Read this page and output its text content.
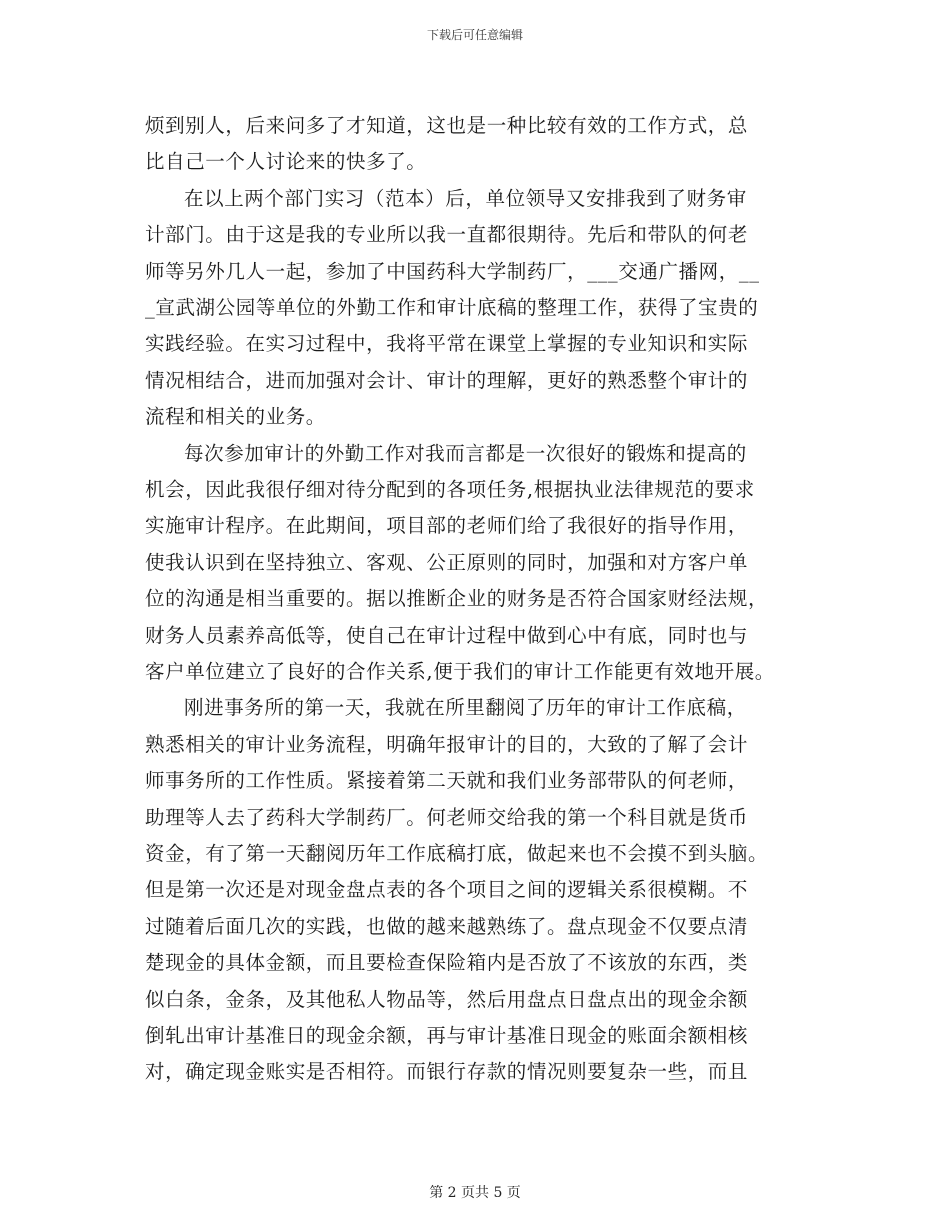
下载后可任意编辑
烦到别人，后来问多了才知道，这也是一种比较有效的工作方式，总
比自己一个人讨论来的快多了。
在以上两个部门实习（范本）后，单位领导又安排我到了财务审
计部门。由于这是我的专业所以我一直都很期待。先后和带队的何老
师等另外几人一起，参加了中国药科大学制药厂，___交通广播网，__
_宣武湖公园等单位的外勤工作和审计底稿的整理工作，获得了宝贵的
实践经验。在实习过程中，我将平常在课堂上掌握的专业知识和实际
情况相结合，进而加强对会计、审计的理解，更好的熟悉整个审计的
流程和相关的业务。
每次参加审计的外勤工作对我而言都是一次很好的锻炼和提高的
机会，因此我很仔细对待分配到的各项任务,根据执业法律规范的要求
实施审计程序。在此期间，项目部的老师们给了我很好的指导作用，
使我认识到在坚持独立、客观、公正原则的同时，加强和对方客户单
位的沟通是相当重要的。据以推断企业的财务是否符合国家财经法规，
财务人员素养高低等，使自己在审计过程中做到心中有底，同时也与
客户单位建立了良好的合作关系,便于我们的审计工作能更有效地开展。
刚进事务所的第一天，我就在所里翻阅了历年的审计工作底稿，
熟悉相关的审计业务流程，明确年报审计的目的，大致的了解了会计
师事务所的工作性质。紧接着第二天就和我们业务部带队的何老师，
助理等人去了药科大学制药厂。何老师交给我的第一个科目就是货币
资金，有了第一天翻阅历年工作底稿打底，做起来也不会摸不到头脑。
但是第一次还是对现金盘点表的各个项目之间的逻辑关系很模糊。不
过随着后面几次的实践，也做的越来越熟练了。盘点现金不仅要点清
楚现金的具体金额，而且要检查保险箱内是否放了不该放的东西，类
似白条，金条，及其他私人物品等，然后用盘点日盘点出的现金余额
倒轧出审计基准日的现金余额，再与审计基准日现金的账面余额相核
对，确定现金账实是否相符。而银行存款的情况则要复杂一些，而且
第 2 页共 5 页
